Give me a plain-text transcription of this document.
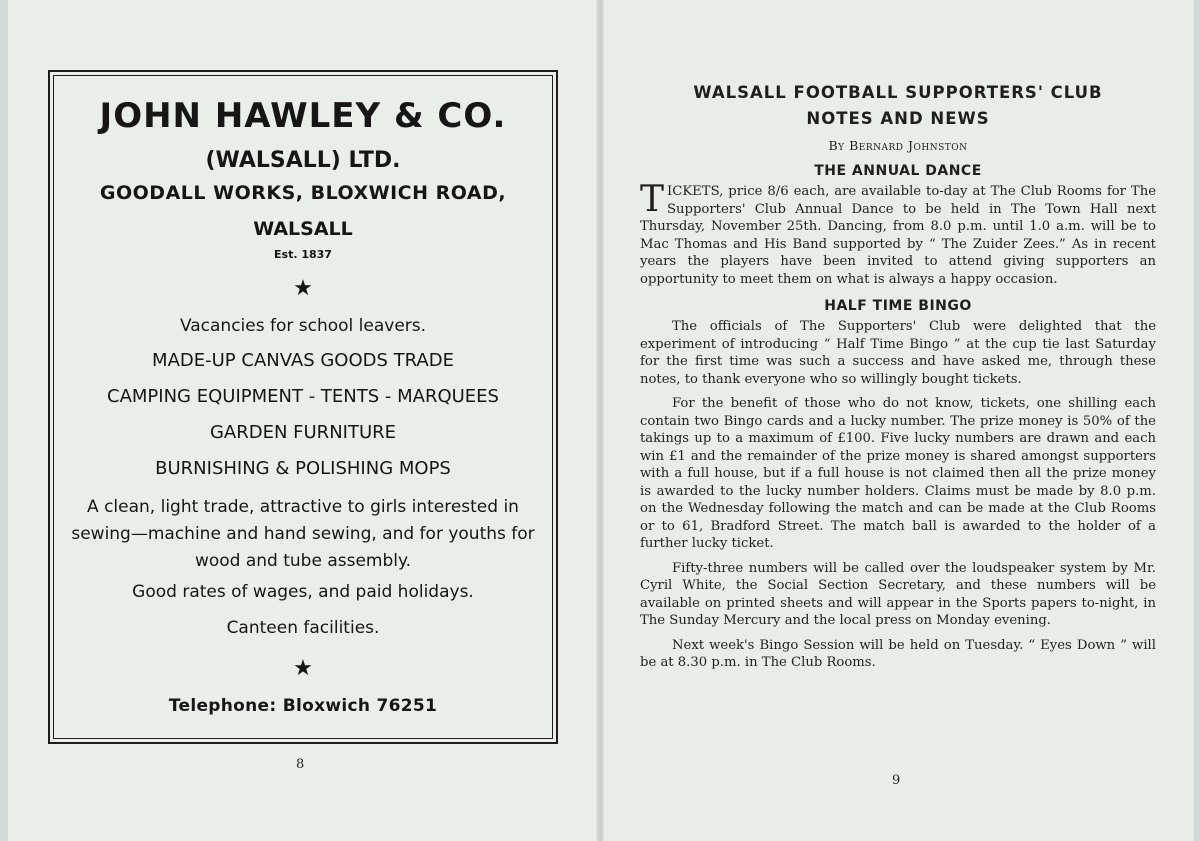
JOHN HAWLEY & CO.
(WALSALL) LTD.
GOODALL WORKS, BLOXWICH ROAD,
WALSALL
Est. 1837
★
Vacancies for school leavers.
MADE-UP CANVAS GOODS TRADE
CAMPING EQUIPMENT - TENTS - MARQUEES
GARDEN FURNITURE
BURNISHING & POLISHING MOPS
A clean, light trade, attractive to girls interested in sewing—machine and hand sewing, and for youths for wood and tube assembly.
Good rates of wages, and paid holidays.
Canteen facilities.
★
Telephone: Bloxwich 76251
8
WALSALL FOOTBALL SUPPORTERS' CLUB
NOTES AND NEWS
By Bernard Johnston
THE ANNUAL DANCE

TICKETS, price 8/6 each, are available to-day at The Club Rooms for The Supporters' Club Annual Dance to be held in The Town Hall next Thursday, November 25th. Dancing, from 8.0 p.m. until 1.0 a.m. will be to Mac Thomas and His Band supported by “ The Zuider Zees.” As in recent years the players have been invited to attend giving supporters an opportunity to meet them on what is always a happy occasion.

HALF TIME BINGO

The officials of The Supporters' Club were delighted that the experiment of introducing “ Half Time Bingo ” at the cup tie last Saturday for the first time was such a success and have asked me, through these notes, to thank everyone who so willingly bought tickets.

For the benefit of those who do not know, tickets, one shilling each contain two Bingo cards and a lucky number. The prize money is 50% of the takings up to a maximum of £100. Five lucky numbers are drawn and each win £1 and the remainder of the prize money is shared amongst supporters with a full house, but if a full house is not claimed then all the prize money is awarded to the lucky number holders. Claims must be made by 8.0 p.m. on the Wednesday following the match and can be made at the Club Rooms or to 61, Bradford Street. The match ball is awarded to the holder of a further lucky ticket.

Fifty-three numbers will be called over the loudspeaker system by Mr. Cyril White, the Social Section Secretary, and these numbers will be available on printed sheets and will appear in the Sports papers to-night, in The Sunday Mercury and the local press on Monday evening.

Next week's Bingo Session will be held on Tuesday. “ Eyes Down ” will be at 8.30 p.m. in The Club Rooms.

9
